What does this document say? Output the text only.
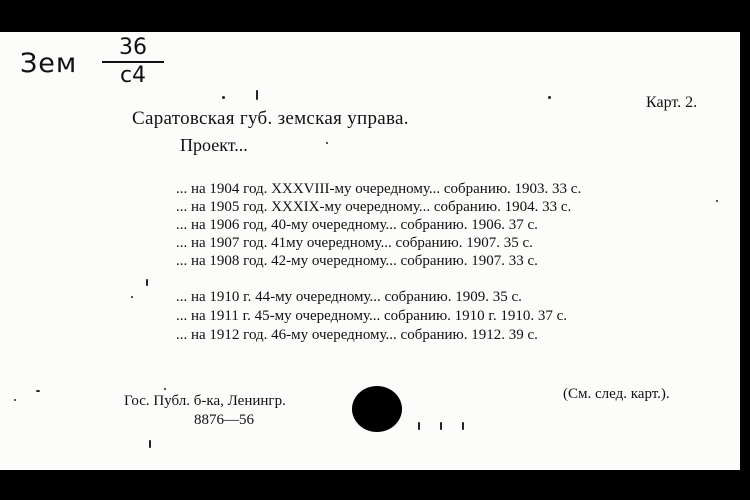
Зем
36
с4
Карт. 2.
Саратовская губ. земская управа.
Проект...
... на 1904 год. XXXVIII-му очередному... собранию. 1903. 33 с.
... на 1905 год. XXXIX-му очередному... собранию. 1904. 33 с.
... на 1906 год, 40-му очередному... собранию. 1906. 37 с.
... на 1907 год. 41му очередному... собранию. 1907. 35 с.
... на 1908 год. 42-му очередному... собранию. 1907. 33 с.
... на 1910 г. 44-му очередному... собранию. 1909. 35 с.
... на 1911 г. 45-му очередному... собранию. 1910 г. 1910. 37 с.
... на 1912 год. 46-му очередному... собранию. 1912. 39 с.
Гос. Публ. б-ка, Ленингр.
8876—56
(См. след. карт.).
